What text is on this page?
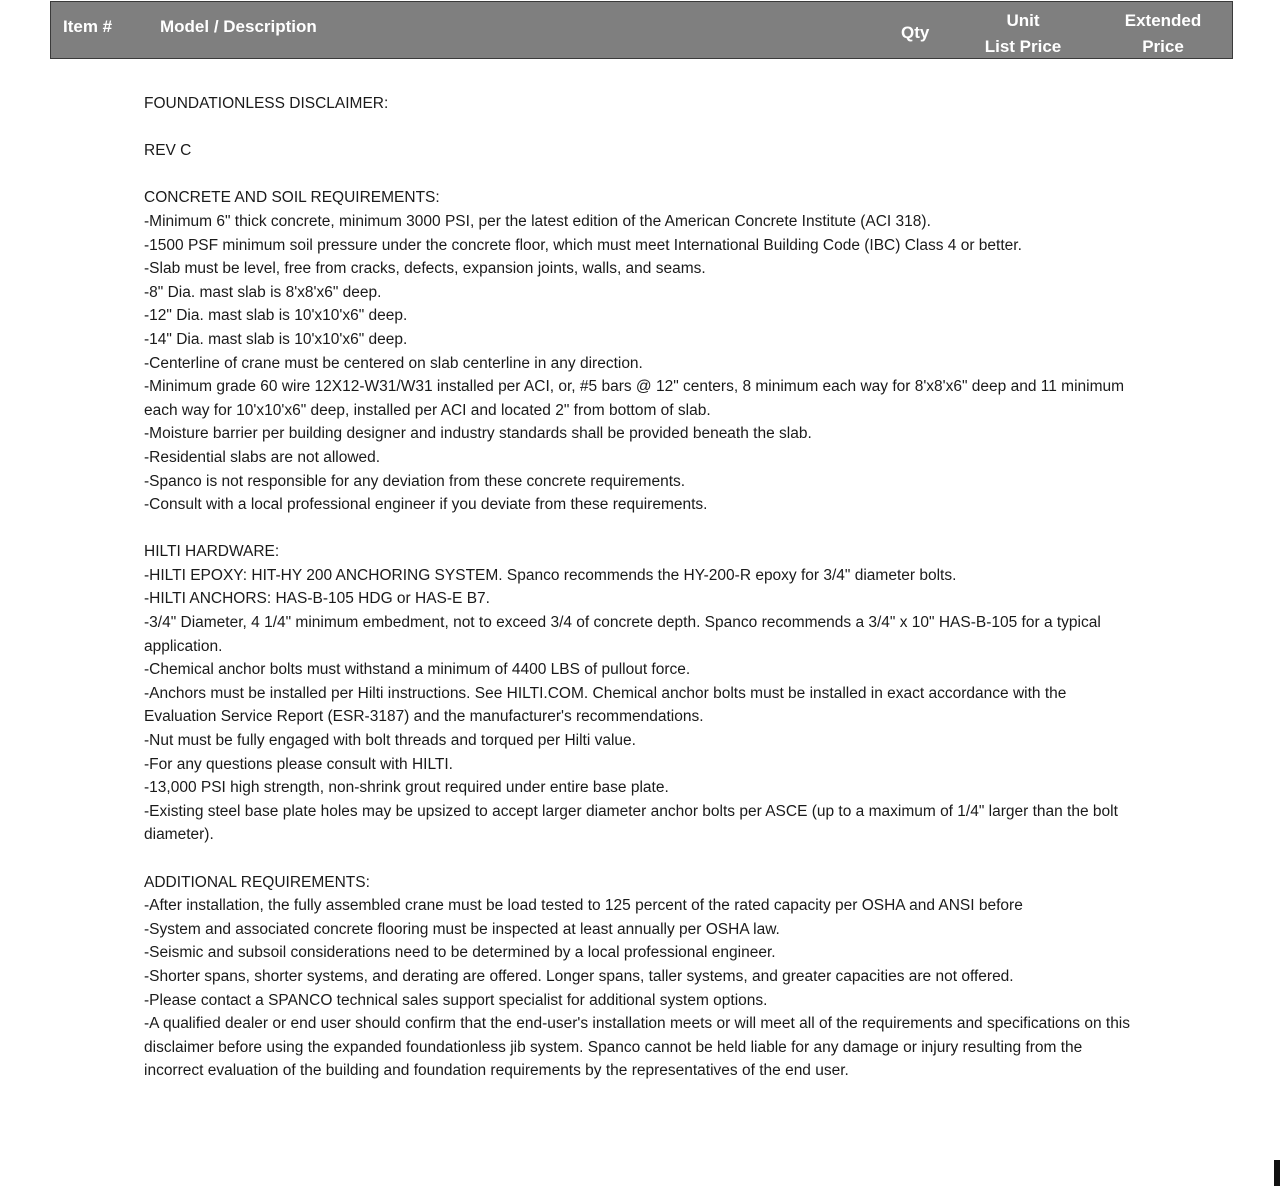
Item #	Model / Description	Qty
Unit
List Price
Extended
Price
FOUNDATIONLESS DISCLAIMER:
REV C
CONCRETE AND SOIL REQUIREMENTS:
-Minimum 6" thick concrete, minimum 3000 PSI, per the latest edition of the American Concrete Institute (ACI 318).
-1500 PSF minimum soil pressure under the concrete floor, which must meet International Building Code (IBC) Class 4 or better.
-Slab must be level, free from cracks, defects, expansion joints, walls, and seams.
-8" Dia. mast slab is 8'x8'x6" deep.
-12" Dia. mast slab is 10'x10'x6" deep.
-14" Dia. mast slab is 10'x10'x6" deep.
-Centerline of crane must be centered on slab centerline in any direction.
-Minimum grade 60 wire 12X12-W31/W31 installed per ACI, or, #5 bars @ 12" centers, 8 minimum each way for 8'x8'x6" deep and 11 minimum each way for 10'x10'x6" deep, installed per ACI and located 2" from bottom of slab.
-Moisture barrier per building designer and industry standards shall be provided beneath the slab.
-Residential slabs are not allowed.
-Spanco is not responsible for any deviation from these concrete requirements.
-Consult with a local professional engineer if you deviate from these requirements.
HILTI HARDWARE:
-HILTI EPOXY: HIT-HY 200 ANCHORING SYSTEM. Spanco recommends the HY-200-R epoxy for 3/4" diameter bolts.
-HILTI ANCHORS: HAS-B-105 HDG or HAS-E B7.
-3/4" Diameter, 4 1/4" minimum embedment, not to exceed 3/4 of concrete depth. Spanco recommends a 3/4" x 10" HAS-B-105 for a typical application.
-Chemical anchor bolts must withstand a minimum of 4400 LBS of pullout force.
-Anchors must be installed per Hilti instructions. See HILTI.COM. Chemical anchor bolts must be installed in exact accordance with the Evaluation Service Report (ESR-3187) and the manufacturer's recommendations.
-Nut must be fully engaged with bolt threads and torqued per Hilti value.
-For any questions please consult with HILTI.
-13,000 PSI high strength, non-shrink grout required under entire base plate.
-Existing steel base plate holes may be upsized to accept larger diameter anchor bolts per ASCE (up to a maximum of 1/4" larger than the bolt diameter).
ADDITIONAL REQUIREMENTS:
-After installation, the fully assembled crane must be load tested to 125 percent of the rated capacity per OSHA and ANSI before
-System and associated concrete flooring must be inspected at least annually per OSHA law.
-Seismic and subsoil considerations need to be determined by a local professional engineer.
-Shorter spans, shorter systems, and derating are offered. Longer spans, taller systems, and greater capacities are not offered.
-Please contact a SPANCO technical sales support specialist for additional system options.
-A qualified dealer or end user should confirm that the end-user's installation meets or will meet all of the requirements and specifications on this disclaimer before using the expanded foundationless jib system. Spanco cannot be held liable for any damage or injury resulting from the incorrect evaluation of the building and foundation requirements by the representatives of the end user.
